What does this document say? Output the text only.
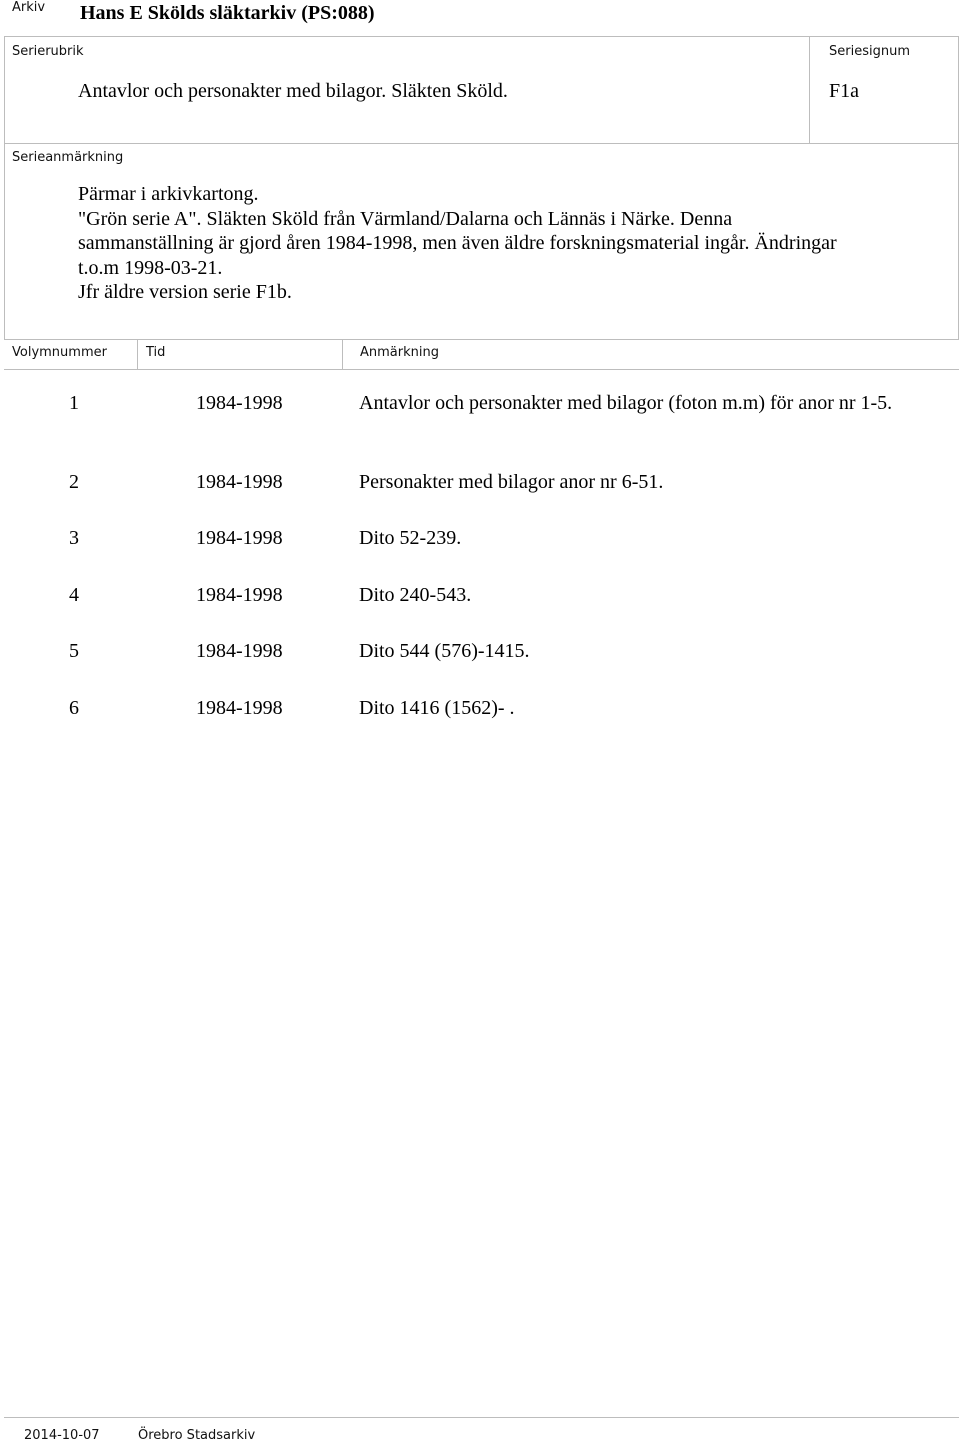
Arkiv Hans E Skölds släktarkiv (PS:088)
Serierubrik
Antavlor och personakter med bilagor. Släkten Sköld.
Seriesignum
F1a
Serieanmärkning
Pärmar i arkivkartong.
"Grön serie A". Släkten Sköld från Värmland/Dalarna och Lännäs i Närke. Denna
sammanställning är gjord åren 1984-1998, men även äldre forskningsmaterial ingår. Ändringar
t.o.m 1998-03-21.
Jfr äldre version serie F1b.
Volymnummer	Tid	Anmärkning
1	1984-1998	Antavlor och personakter med bilagor (foton m.m) för anor nr 1-5.
2	1984-1998	Personakter med bilagor anor nr 6-51.
3	1984-1998	Dito 52-239.
4	1984-1998	Dito 240-543.
5	1984-1998	Dito 544 (576)-1415.
6	1984-1998	Dito 1416 (1562)- .
2014-10-07	Örebro Stadsarkiv
